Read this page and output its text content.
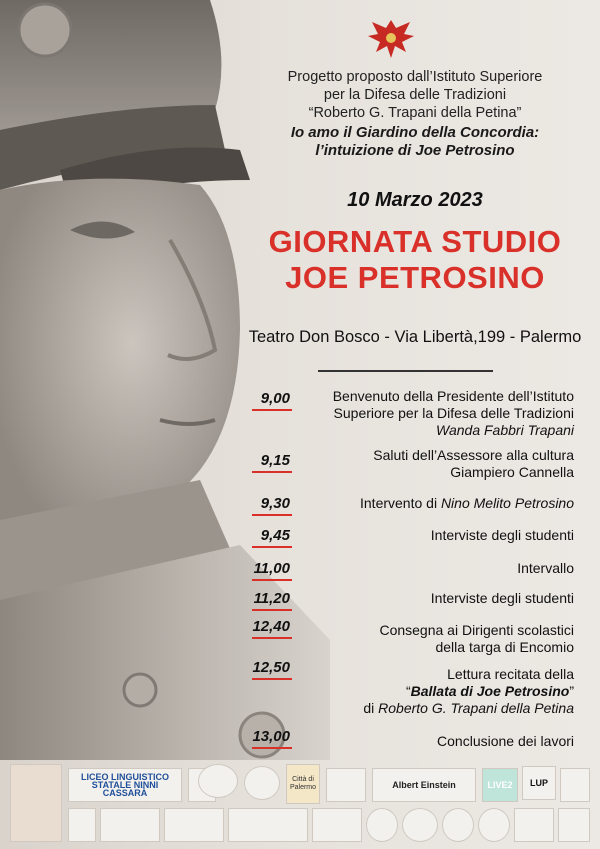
Progetto proposto dall’Istituto Superiore
per la Difesa delle Tradizioni
“Roberto G. Trapani della Petina”
Io amo il Giardino della Concordia:
l’intuizione di Joe Petrosino
10 Marzo 2023
GIORNATA STUDIO
JOE PETROSINO
Teatro Don Bosco - Via Libertà,199 - Palermo
9,00	Benvenuto della Presidente dell’Istituto
Superiore per la Difesa delle Tradizioni
Wanda Fabbri Trapani
9,15	Saluti dell’Assessore alla cultura
Giampiero Cannella
9,30	Intervento di Nino Melito Petrosino
9,45	Interviste degli studenti
11,00	Intervallo
11,20	Interviste degli studenti
12,40	Consegna ai Dirigenti scolastici
della targa di Encomio
12,50	Lettura recitata della
“Ballata di Joe Petrosino”
di Roberto G. Trapani della Petina
13,00	Conclusione dei lavori
LICEO LINGUISTICO STATALE NINNI CASSARÀ
Città di Palermo	Albert Einstein	LIVE2	LUP
